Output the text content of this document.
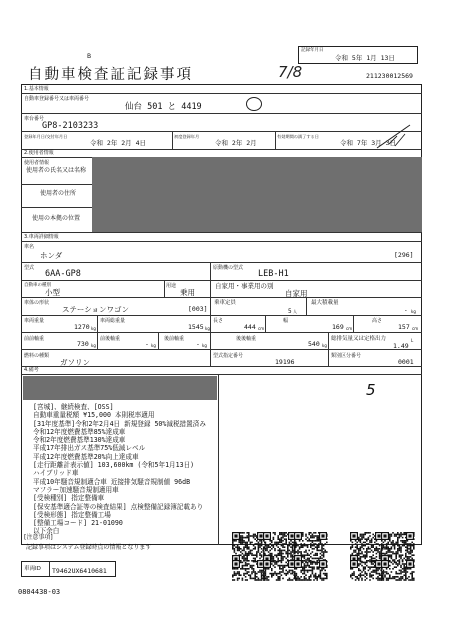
B
自動車検査証記録事項	7/8
記録年月日
令和 5年 1月 13日
211230012569
1.基本情報
自動車登録番号又は車両番号
仙台 501 と 4419
車台番号
GP8-2103233
登録年月日/交付年月日
令和 2年 2月 4日
初度登録年月
令和 2年 2月
有効期間の満了する日
令和 7年 3月 3日
2.使用者情報
使用者情報
使用者の氏名又は名称
使用者の住所
使用の本拠の位置
3.車両詳細情報
車名
ホンダ	[296]
型式
6AA-GP8
原動機の型式
LEB-H1
自動車の種別
小型
用途
乗用
自家用・事業用の別
自家用
車体の形状
ステーションワゴン	[003]
乗車定員
5 人
最大積載量
- kg
車両重量
1270 kg
車両総重量
1545 kg
長さ
444 cm
幅
169 cm
高さ
157 cm
前前軸重
730 kg
前後軸重
- kg
後前軸重
- kg
後後軸重
540 kg
総排気量又は定格出力
1.49
L
燃料の種類
ガソリン
型式指定番号
19196
類別区分番号
0001
4.備考
5
[宮城]、継続検査、[OSS]
自動車重量税額 ¥15,000 本則税率適用
[31年度基準]令和2年2月4日 新規登録 50%減税措置済み
令和12年度燃費基準85%達成車
令和2年度燃費基準130%達成車
平成17年排出ガス基準75%低減レベル
平成12年度燃費基準20%向上達成車
[走行距離計表示値] 103,600km (令和5年1月13日)
ハイブリッド車
平成10年騒音規制適合車 近接排気騒音規制値 96dB
マフラー加速騒音規制適用車
[受検種別] 指定整備車
[保安基準適合証等の検査結果] 点検整備記録簿記載あり
[受検形態] 指定整備工場
[整備工場コード] 21-01090
以下余白
[注意事項]
記録事項はシステム登録時点の情報となります
車両ID T9462UX6410681
0804438-03
